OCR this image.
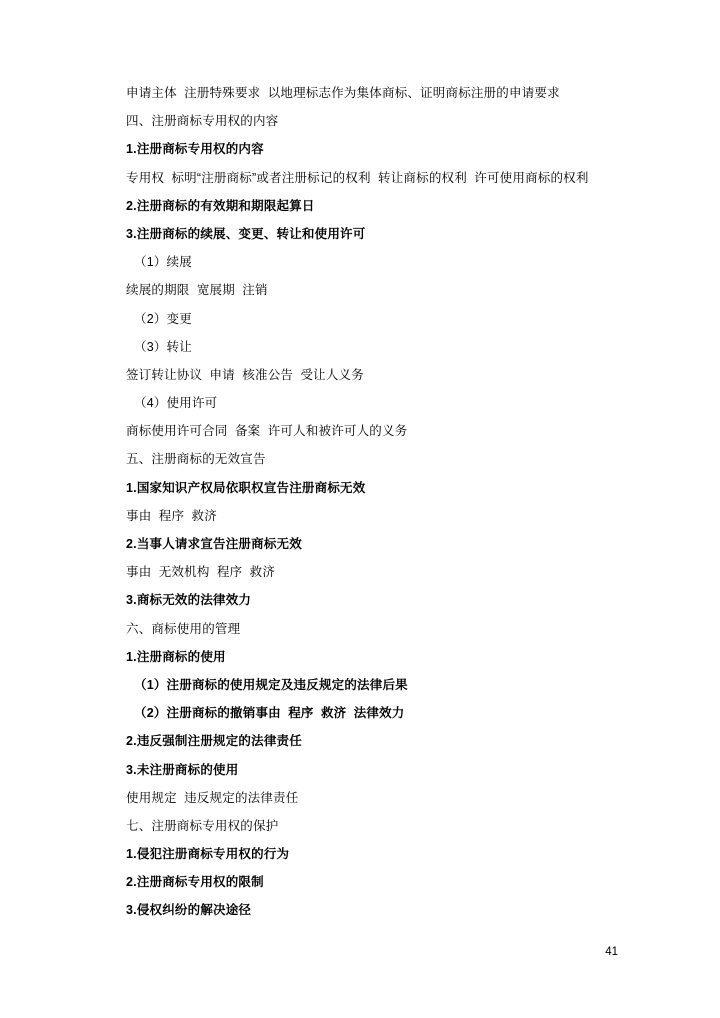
申请主体  注册特殊要求  以地理标志作为集体商标、证明商标注册的申请要求

四、注册商标专用权的内容

1.注册商标专用权的内容

专用权  标明“注册商标”或者注册标记的权利  转让商标的权利  许可使用商标的权利

2.注册商标的有效期和期限起算日

3.注册商标的续展、变更、转让和使用许可

（1）续展

续展的期限  宽展期  注销

（2）变更

（3）转让

签订转让协议  申请  核准公告  受让人义务

（4）使用许可

商标使用许可合同  备案  许可人和被许可人的义务

五、注册商标的无效宣告

1.国家知识产权局依职权宣告注册商标无效

事由  程序  救济

2.当事人请求宣告注册商标无效

事由  无效机构  程序  救济

3.商标无效的法律效力

六、商标使用的管理

1.注册商标的使用

（1）注册商标的使用规定及违反规定的法律后果

（2）注册商标的撤销事由  程序  救济  法律效力

2.违反强制注册规定的法律责任

3.未注册商标的使用

使用规定  违反规定的法律责任

七、注册商标专用权的保护

1.侵犯注册商标专用权的行为

2.注册商标专用权的限制

3.侵权纠纷的解决途径

41
